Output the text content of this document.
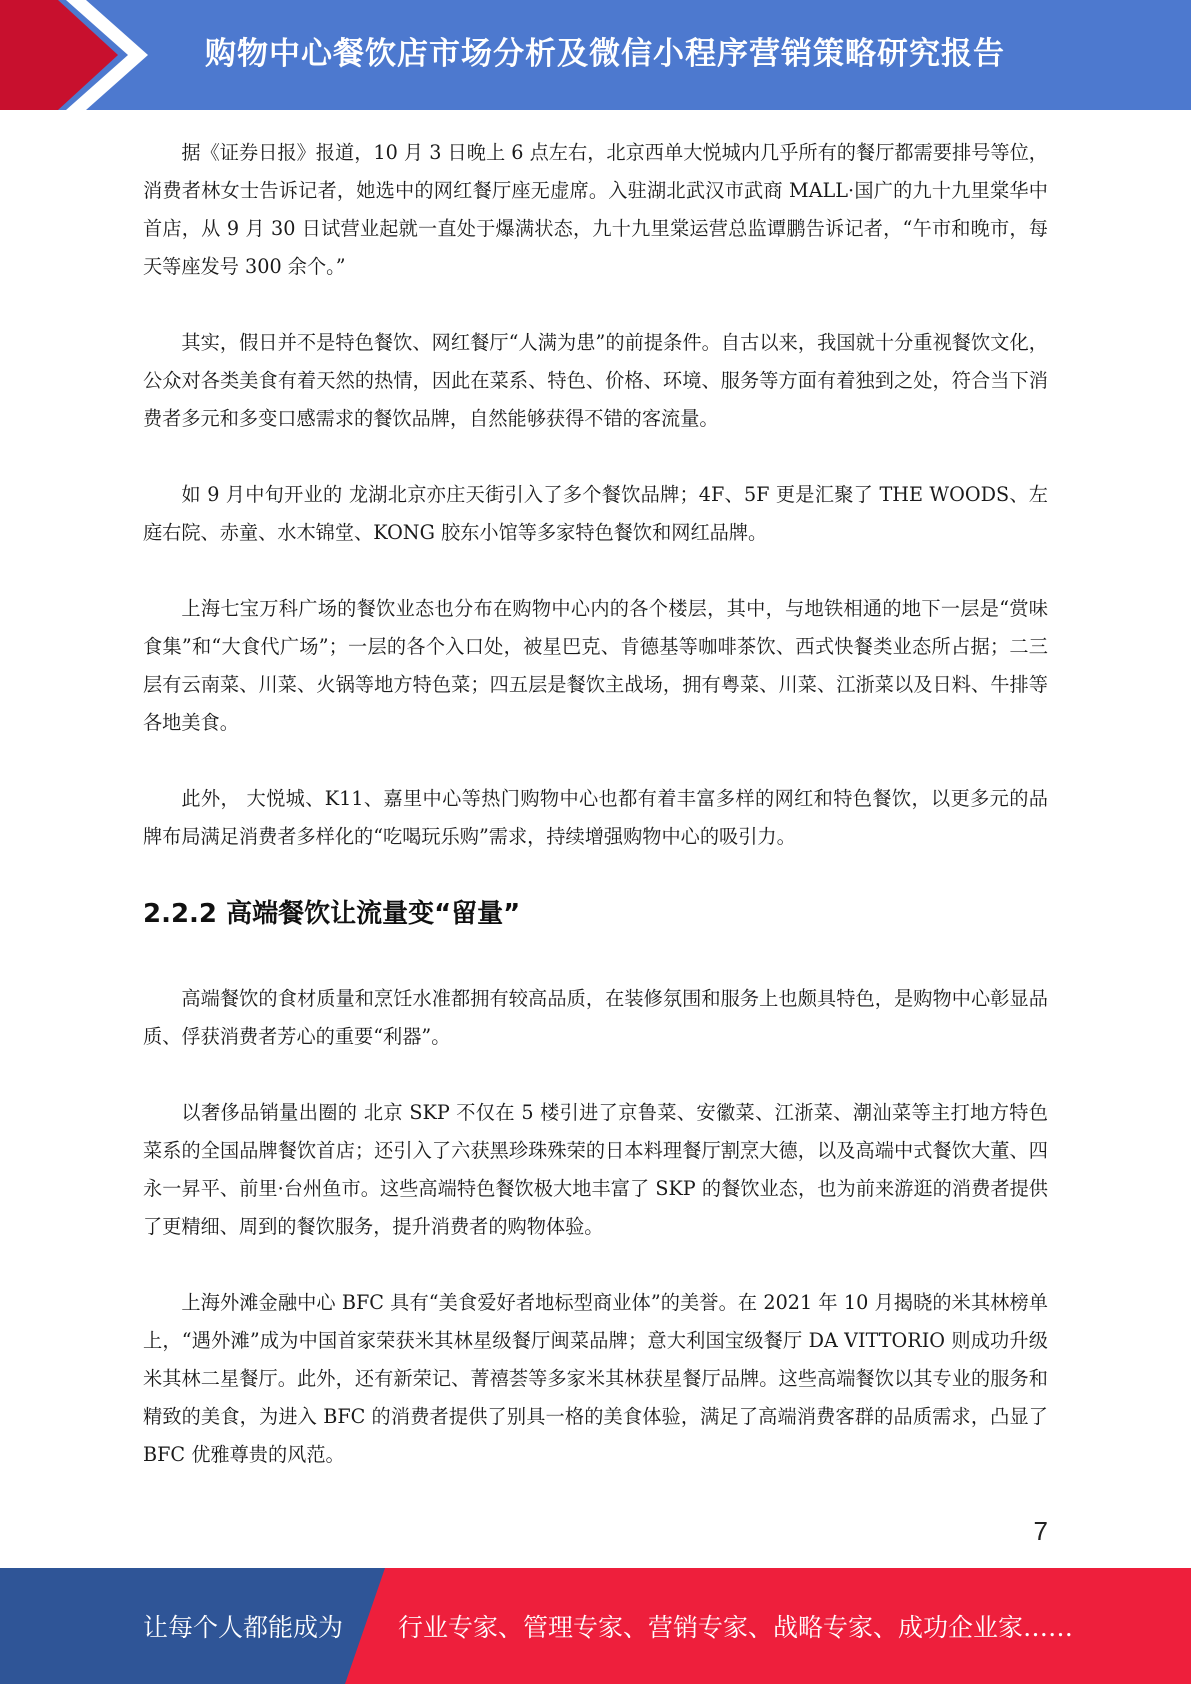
购物中心餐饮店市场分析及微信小程序营销策略研究报告

据《证券日报》报道，10 月 3 日晚上 6 点左右，北京西单大悦城内几乎所有的餐厅都需要排号等位，消费者林女士告诉记者，她选中的网红餐厅座无虚席。入驻湖北武汉市武商 MALL·国广的九十九里棠华中首店，从 9 月 30 日试营业起就一直处于爆满状态，九十九里棠运营总监谭鹏告诉记者，“午市和晚市，每天等座发号 300 余个。”

其实，假日并不是特色餐饮、网红餐厅“人满为患”的前提条件。自古以来，我国就十分重视餐饮文化，公众对各类美食有着天然的热情，因此在菜系、特色、价格、环境、服务等方面有着独到之处，符合当下消费者多元和多变口感需求的餐饮品牌，自然能够获得不错的客流量。

如 9 月中旬开业的 龙湖北京亦庄天街引入了多个餐饮品牌；4F、5F 更是汇聚了 THE WOODS、左庭右院、赤童、水木锦堂、KONG 胶东小馆等多家特色餐饮和网红品牌。

上海七宝万科广场的餐饮业态也分布在购物中心内的各个楼层，其中，与地铁相通的地下一层是“赏味食集”和“大食代广场”；一层的各个入口处，被星巴克、肯德基等咖啡茶饮、西式快餐类业态所占据；二三层有云南菜、川菜、火锅等地方特色菜；四五层是餐饮主战场，拥有粤菜、川菜、江浙菜以及日料、牛排等各地美食。

此外， 大悦城、K11、嘉里中心等热门购物中心也都有着丰富多样的网红和特色餐饮，以更多元的品牌布局满足消费者多样化的“吃喝玩乐购”需求，持续增强购物中心的吸引力。

2.2.2 高端餐饮让流量变“留量”

高端餐饮的食材质量和烹饪水准都拥有较高品质，在装修氛围和服务上也颇具特色，是购物中心彰显品质、俘获消费者芳心的重要“利器”。

以奢侈品销量出圈的 北京 SKP 不仅在 5 楼引进了京鲁菜、安徽菜、江浙菜、潮汕菜等主打地方特色菜系的全国品牌餐饮首店；还引入了六获黑珍珠殊荣的日本料理餐厅割烹大德，以及高端中式餐饮大董、四永一昇平、前里·台州鱼市。这些高端特色餐饮极大地丰富了 SKP 的餐饮业态，也为前来游逛的消费者提供了更精细、周到的餐饮服务，提升消费者的购物体验。

上海外滩金融中心 BFC 具有“美食爱好者地标型商业体”的美誉。在 2021 年 10 月揭晓的米其林榜单上，“遇外滩”成为中国首家荣获米其林星级餐厅闽菜品牌；意大利国宝级餐厅 DA VITTORIO 则成功升级米其林二星餐厅。此外，还有新荣记、菁禧荟等多家米其林获星餐厅品牌。这些高端餐饮以其专业的服务和精致的美食，为进入 BFC 的消费者提供了别具一格的美食体验，满足了高端消费客群的品质需求，凸显了 BFC 优雅尊贵的风范。

7
让每个人都能成为 行业专家、管理专家、营销专家、战略专家、成功企业家……
